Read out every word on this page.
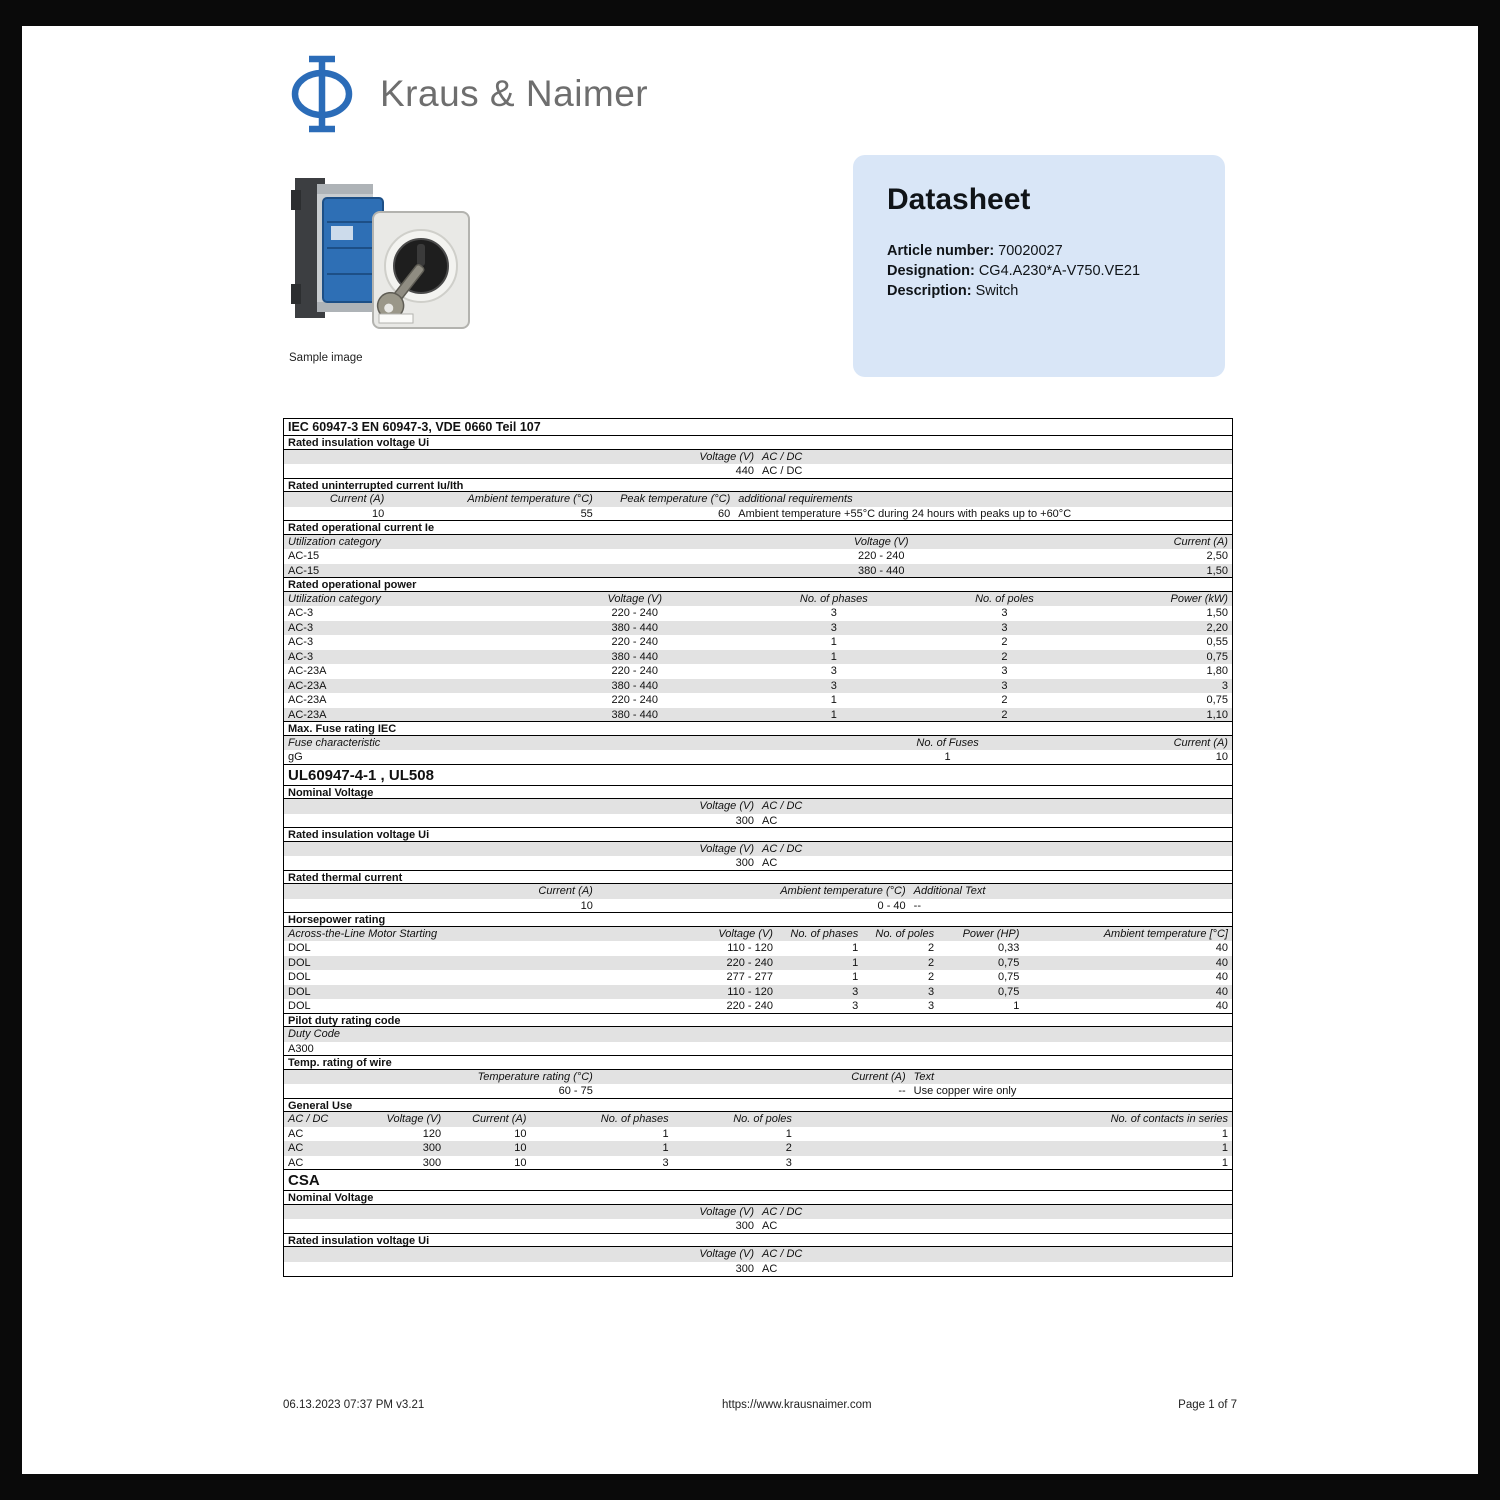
Kraus & Naimer
Sample image
Datasheet
Article number: 70020027
Designation: CG4.A230*A-V750.VE21
Description: Switch
IEC 60947-3 EN 60947-3, VDE 0660 Teil 107
Rated insulation voltage Ui
Voltage (V) AC / DC
440 AC / DC
Rated uninterrupted current Iu/Ith
Current (A)	Ambient temperature (°C)	Peak temperature (°C) additional requirements
10	55	60 Ambient temperature +55°C during 24 hours with peaks up to +60°C
Rated operational current Ie
Utilization category	Voltage (V)	Current (A)
AC-15	220 - 240	2,50
AC-15	380 - 440	1,50
Rated operational power
Utilization category	Voltage (V)	No. of phases	No. of poles	Power (kW)
AC-3	220 - 240	3	3	1,50
AC-3	380 - 440	3	3	2,20
AC-3	220 - 240	1	2	0,55
AC-3	380 - 440	1	2	0,75
AC-23A	220 - 240	3	3	1,80
AC-23A	380 - 440	3	3	3
AC-23A	220 - 240	1	2	0,75
AC-23A	380 - 440	1	2	1,10
Max. Fuse rating IEC
Fuse characteristic	No. of Fuses	Current (A)
gG	1	10
UL60947-4-1 , UL508
Nominal Voltage
Voltage (V) AC / DC
300 AC
Rated insulation voltage Ui
Voltage (V) AC / DC
300 AC
Rated thermal current
Current (A)	Ambient temperature (°C) Additional Text
10	0 - 40 --
Horsepower rating
Across-the-Line Motor Starting	Voltage (V)	No. of phases	No. of poles	Power (HP)	Ambient temperature [°C]
DOL	110 - 120	1	2	0,33	40
DOL	220 - 240	1	2	0,75	40
DOL	277 - 277	1	2	0,75	40
DOL	110 - 120	3	3	0,75	40
DOL	220 - 240	3	3	1	40
Pilot duty rating code
Duty Code
A300
Temp. rating of wire
Temperature rating (°C)	Current (A) Text
60 - 75	-- Use copper wire only
General Use
AC / DC	Voltage (V)	Current (A)	No. of phases	No. of poles	No. of contacts in series
AC	120	10	1	1	1
AC	300	10	1	2	1
AC	300	10	3	3	1
CSA
Nominal Voltage
Voltage (V) AC / DC
300 AC
Rated insulation voltage Ui
Voltage (V) AC / DC
300 AC
06.13.2023 07:37 PM v3.21	https://www.krausnaimer.com	Page 1 of 7
